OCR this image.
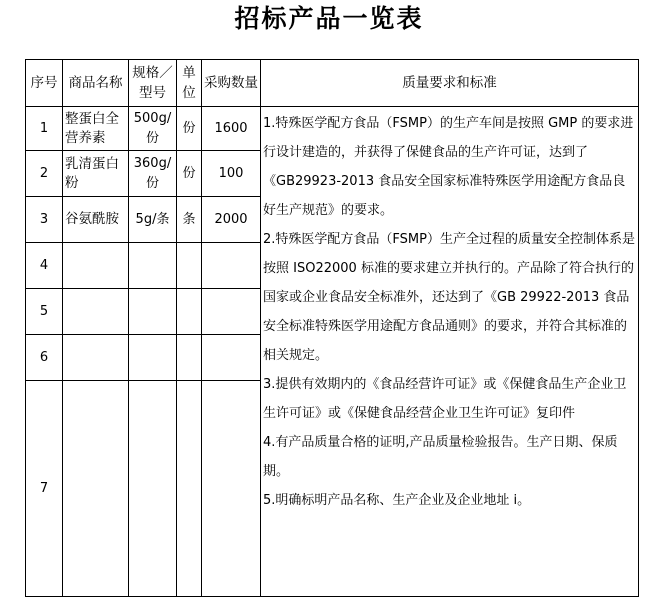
招标产品一览表
序号	商品名称	规格／型号	单位	采购数量	质量要求和标准
1	整蛋白全营养素	500g/份	份	1600	1.特殊医学配方食品（FSMP）的生产车间是按照 GMP 的要求进行设计建造的，并获得了保健食品的生产许可证，达到了《GB29923-2013 食品安全国家标准特殊医学用途配方食品良好生产规范》的要求。

2.特殊医学配方食品（FSMP）生产全过程的质量安全控制体系是按照 ISO22000 标准的要求建立并执行的。产品除了符合执行的国家或企业食品安全标准外，还达到了《GB 29922-2013 食品安全标准特殊医学用途配方食品通则》的要求，并符合其标准的相关规定。

3.提供有效期内的《食品经营许可证》或《保健食品生产企业卫生许可证》或《保健食品经营企业卫生许可证》复印件

4.有产品质量合格的证明,产品质量检验报告。生产日期、保质期。

5.明确标明产品名称、生产企业及企业地址 i。

2	乳清蛋白粉	360g/份	份	100	
3	谷氨酰胺	5g/条	条	2000	
4					
5					
6					
7					
